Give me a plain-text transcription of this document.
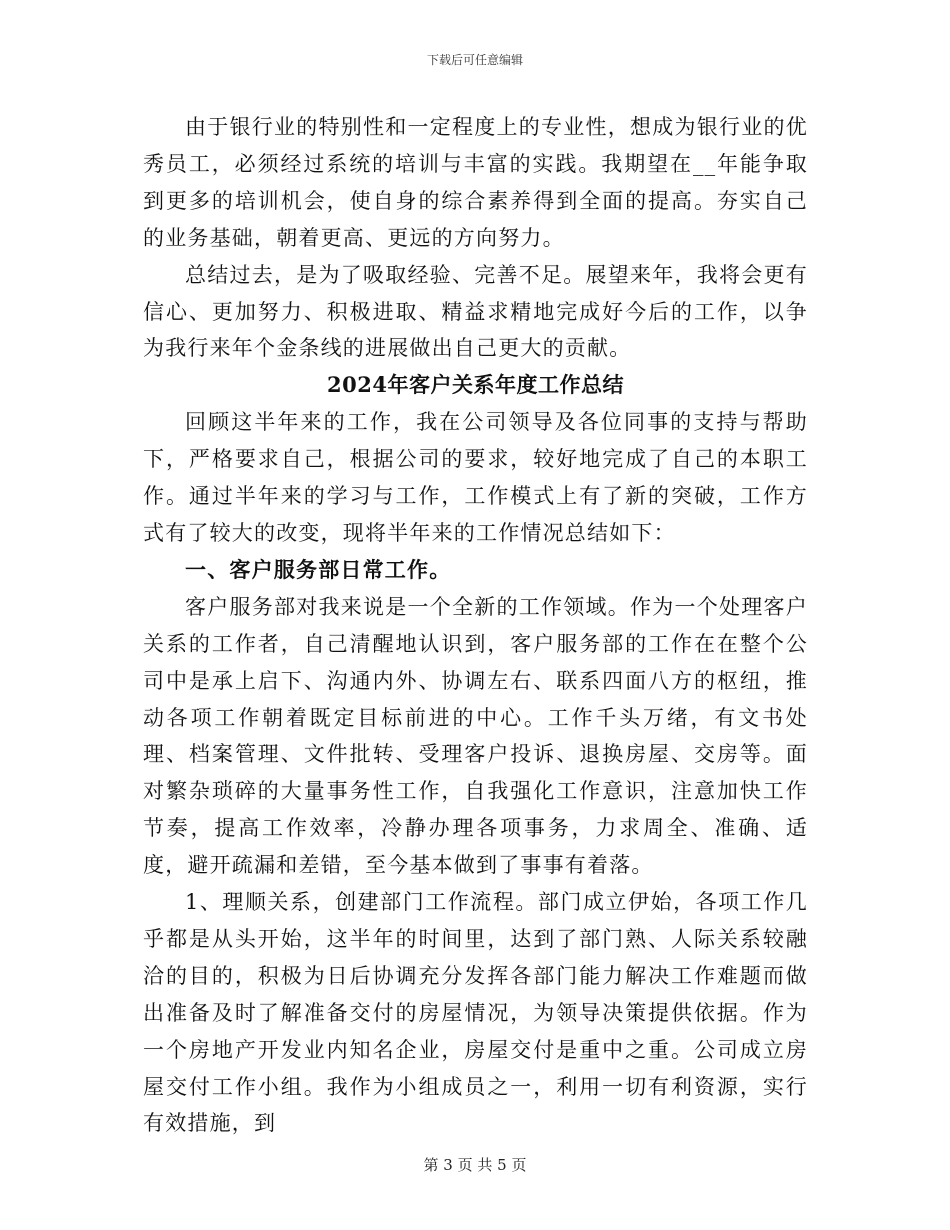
下载后可任意编辑

由于银行业的特别性和一定程度上的专业性，想成为银行业的优秀员工，必须经过系统的培训与丰富的实践。我期望在__年能争取到更多的培训机会，使自身的综合素养得到全面的提高。夯实自己的业务基础，朝着更高、更远的方向努力。

总结过去，是为了吸取经验、完善不足。展望来年，我将会更有信心、更加努力、积极进取、精益求精地完成好今后的工作，以争为我行来年个金条线的进展做出自己更大的贡献。

2024年客户关系年度工作总结

回顾这半年来的工作，我在公司领导及各位同事的支持与帮助下，严格要求自己，根据公司的要求，较好地完成了自己的本职工作。通过半年来的学习与工作，工作模式上有了新的突破，工作方式有了较大的改变，现将半年来的工作情况总结如下：

一、客户服务部日常工作。

客户服务部对我来说是一个全新的工作领域。作为一个处理客户关系的工作者，自己清醒地认识到，客户服务部的工作在在整个公司中是承上启下、沟通内外、协调左右、联系四面八方的枢纽，推动各项工作朝着既定目标前进的中心。工作千头万绪，有文书处理、档案管理、文件批转、受理客户投诉、退换房屋、交房等。面对繁杂琐碎的大量事务性工作，自我强化工作意识，注意加快工作节奏，提高工作效率，冷静办理各项事务，力求周全、准确、适度，避开疏漏和差错，至今基本做到了事事有着落。

1、理顺关系，创建部门工作流程。部门成立伊始，各项工作几乎都是从头开始，这半年的时间里，达到了部门熟、人际关系较融洽的目的，积极为日后协调充分发挥各部门能力解决工作难题而做出准备及时了解准备交付的房屋情况，为领导决策提供依据。作为一个房地产开发业内知名企业，房屋交付是重中之重。公司成立房屋交付工作小组。我作为小组成员之一，利用一切有利资源，实行有效措施，到

第 3 页 共 5 页
